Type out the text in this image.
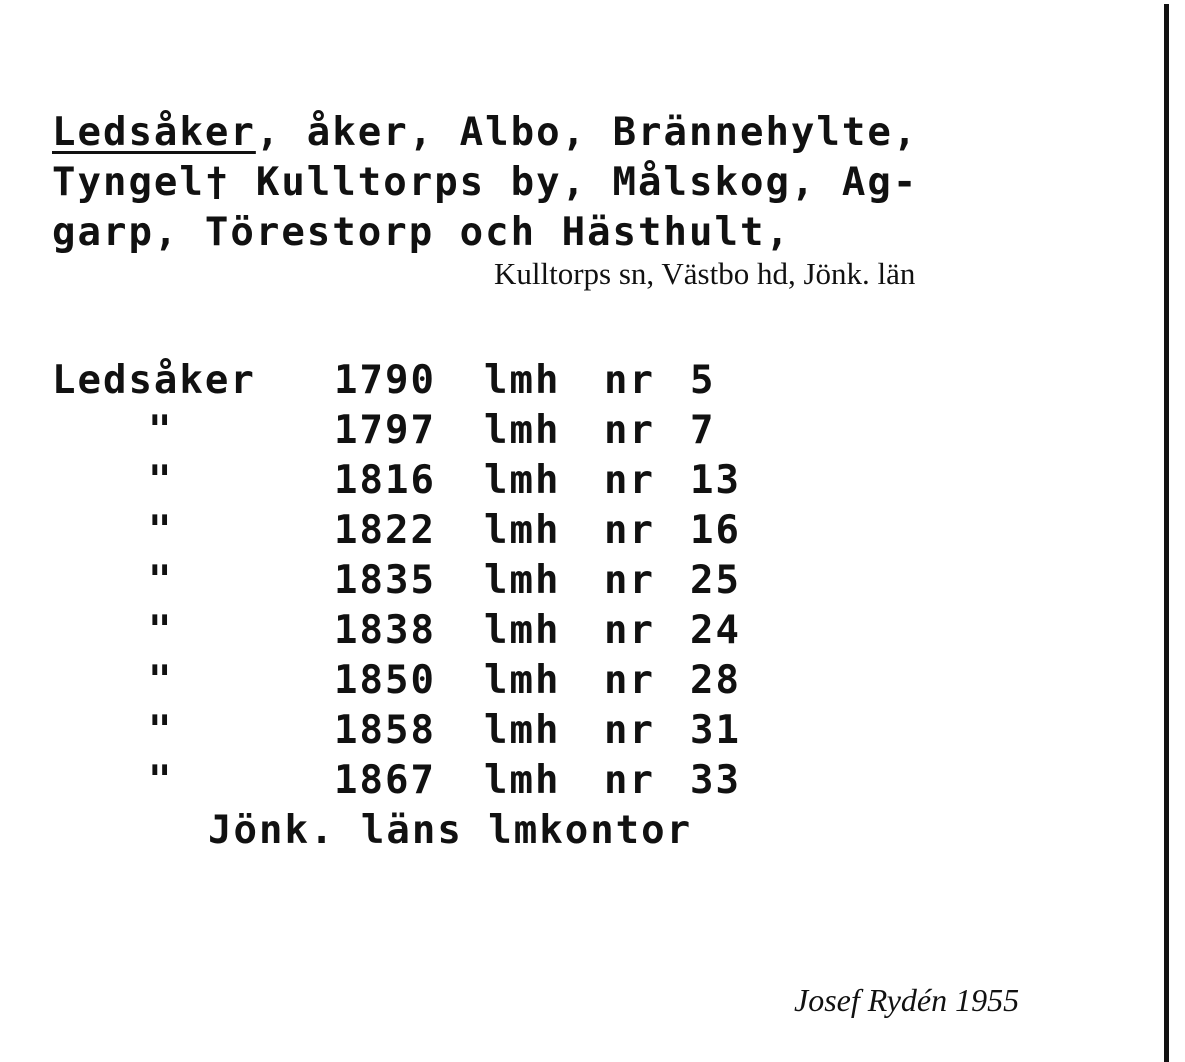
Ledsåker, åker, Albo, Brännehylte,
Tyngel† Kulltorps by, Målskog, Ag-
garp, Törestorp och Hästhult,
Kulltorps sn, Västbo hd, Jönk. län
Ledsåker 1790 lmh nr 5
"	1797 lmh nr 7
"	1816 lmh nr 13
"	1822 lmh nr 16
"	1835 lmh nr 25
"	1838 lmh nr 24
"	1850 lmh nr 28
"	1858 lmh nr 31
"	1867 lmh nr 33
Jönk. läns lmkontor
Josef Rydén 1955
